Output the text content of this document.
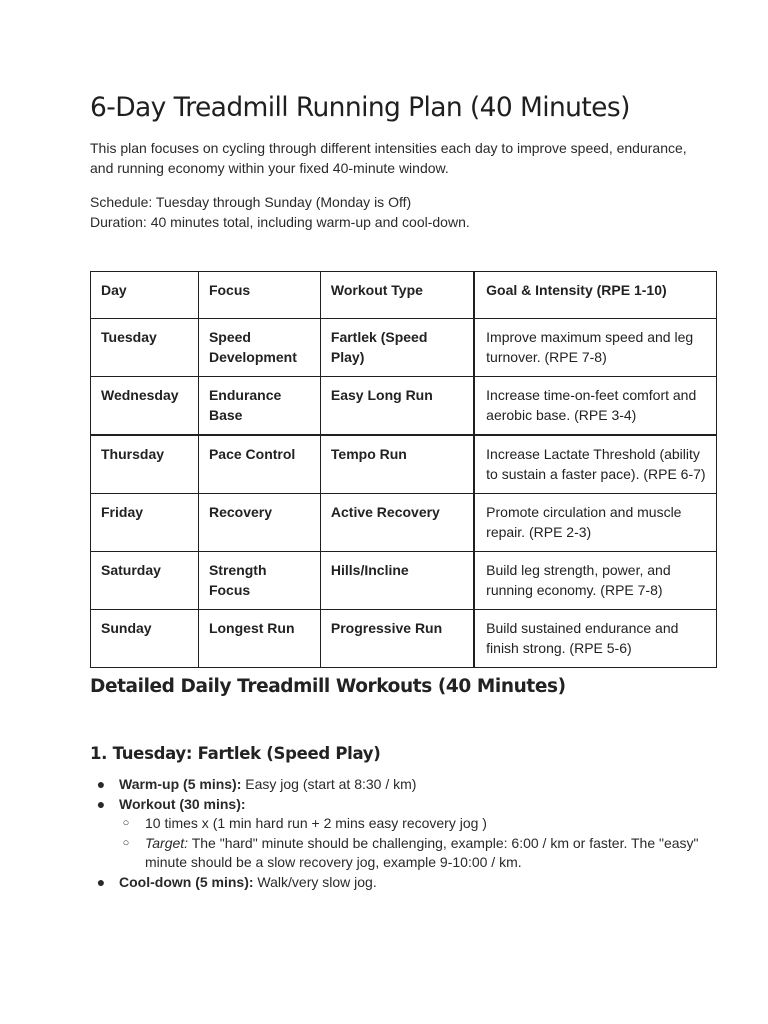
6-Day Treadmill Running Plan (40 Minutes)

This plan focuses on cycling through different intensities each day to improve speed, endurance, and running economy within your fixed 40-minute window.

Schedule: Tuesday through Sunday (Monday is Off)
Duration: 40 minutes total, including warm-up and cool-down.
Day	Focus	Workout Type	Goal & Intensity (RPE 1-10)
Tuesday	Speed Development	Fartlek (Speed Play)	Improve maximum speed and leg turnover. (RPE 7-8)
Wednesday	Endurance Base	Easy Long Run	Increase time-on-feet comfort and aerobic base. (RPE 3-4)
Thursday	Pace Control	Tempo Run	Increase Lactate Threshold (ability to sustain a faster pace). (RPE 6-7)
Friday	Recovery	Active Recovery	Promote circulation and muscle repair. (RPE 2-3)
Saturday	Strength Focus	Hills/Incline	Build leg strength, power, and running economy. (RPE 7-8)
Sunday	Longest Run	Progressive Run	Build sustained endurance and finish strong. (RPE 5-6)
Detailed Daily Treadmill Workouts (40 Minutes)
1. Tuesday: Fartlek (Speed Play)
● Warm-up (5 mins): Easy jog (start at 8:30 / km)
● Workout (30 mins):
○ 10 times x (1 min hard run + 2 mins easy recovery jog )
○ Target: The "hard" minute should be challenging, example: 6:00 / km or faster. The "easy" minute should be a slow recovery jog, example 9-10:00 / km.
● Cool-down (5 mins): Walk/very slow jog.
